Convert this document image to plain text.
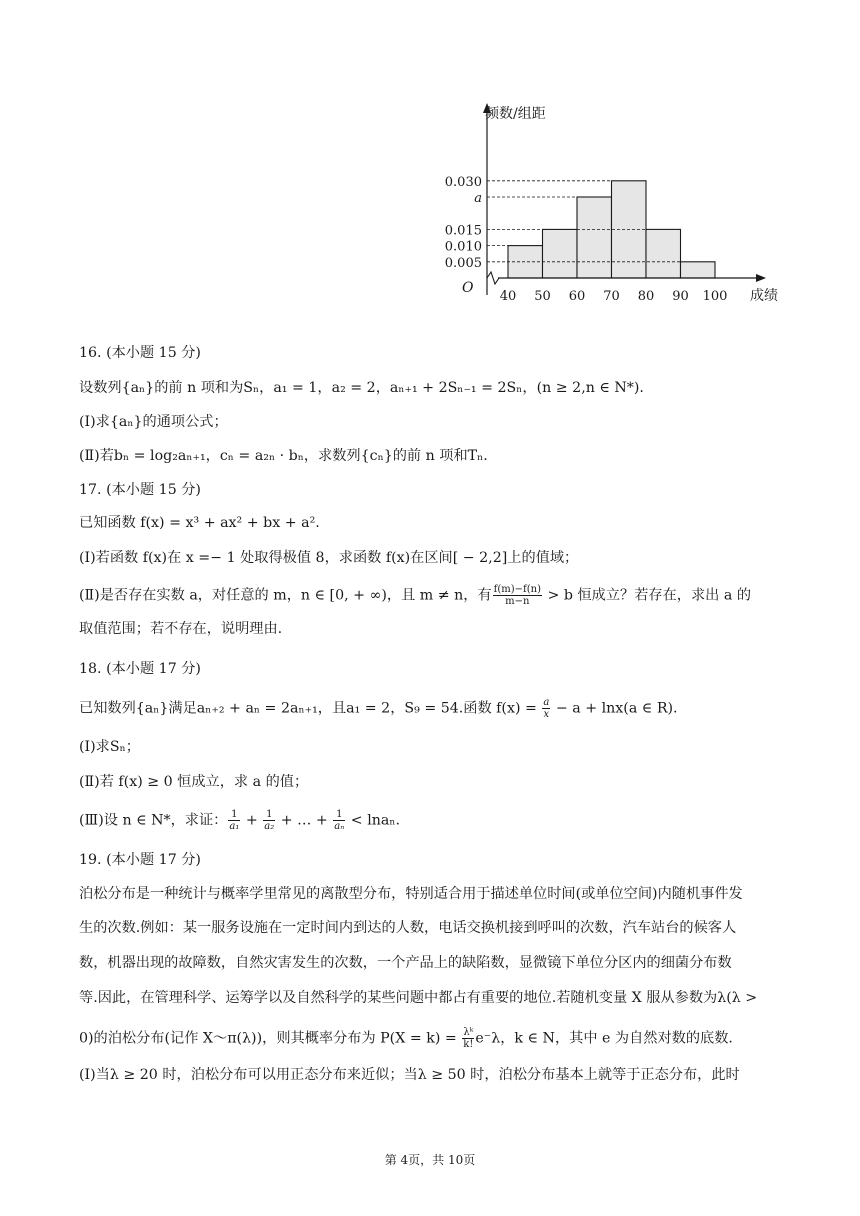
频数/组距
成绩
O
0.005
0.010
0.015
a
0.030
40 50 60 70 80 90 100
16. (本小题 15 分)
设数列{aₙ}的前 n 项和为Sₙ，a₁ = 1，a₂ = 2，aₙ₊₁ + 2Sₙ₋₁ = 2Sₙ，(n ≥ 2,n ∈ N*).
(Ⅰ)求{aₙ}的通项公式；
(Ⅱ)若bₙ = log₂aₙ₊₁，cₙ = a₂ₙ · bₙ，求数列{cₙ}的前 n 项和Tₙ.
17. (本小题 15 分)
已知函数 f(x) = x³ + ax² + bx + a².
(Ⅰ)若函数 f(x)在 x =− 1 处取得极值 8，求函数 f(x)在区间[ − 2,2]上的值域；
(Ⅱ)是否存在实数 a，对任意的 m，n ∈ [0, + ∞)，且 m ≠ n，有 $\frac{f(m)-f(n)}{m-n} > b$ 恒成立？若存在，求出 a 的
取值范围；若不存在，说明理由.
18. (本小题 17 分)
已知数列{aₙ}满足aₙ₊₂ + aₙ = 2aₙ₊₁，且a₁ = 2，S₉ = 54.函数 $f(x) = \frac{a}{x} - a + \ln x(a$ ∈ R).
(Ⅰ)求Sₙ；
(Ⅱ)若 f(x) ≥ 0 恒成立，求 a 的值；
(Ⅲ)设 n ∈ N*，求证： $\frac{1}{\text{a₁}} + \frac{1}{\text{a₂}}$ + … + $\frac{1}{\text{aₙ}} < \ln a_n$.
19. (本小题 17 分)
泊松分布是一种统计与概率学里常见的离散型分布，特别适合用于描述单位时间(或单位空间)内随机事件发
生的次数.例如：某一服务设施在一定时间内到达的人数，电话交换机接到呼叫的次数，汽车站台的候客人
数，机器出现的故障数，自然灾害发生的次数，一个产品上的缺陷数，显微镜下单位分区内的细菌分布数
等.因此，在管理科学、运筹学以及自然科学的某些问题中都占有重要的地位.若随机变量 X 服从参数为λ(λ >
0)的泊松分布(记作 X～π(λ))，则其概率分布为 $P(X = k) = \frac{\text{λᵏ}}{k!} e^-\lambda$，k ∈ N，其中 e 为自然对数的底数.
(Ⅰ)当λ ≥ 20 时，泊松分布可以用正态分布来近似；当λ ≥ 50 时，泊松分布基本上就等于正态分布，此时
第 4页，共 10页
